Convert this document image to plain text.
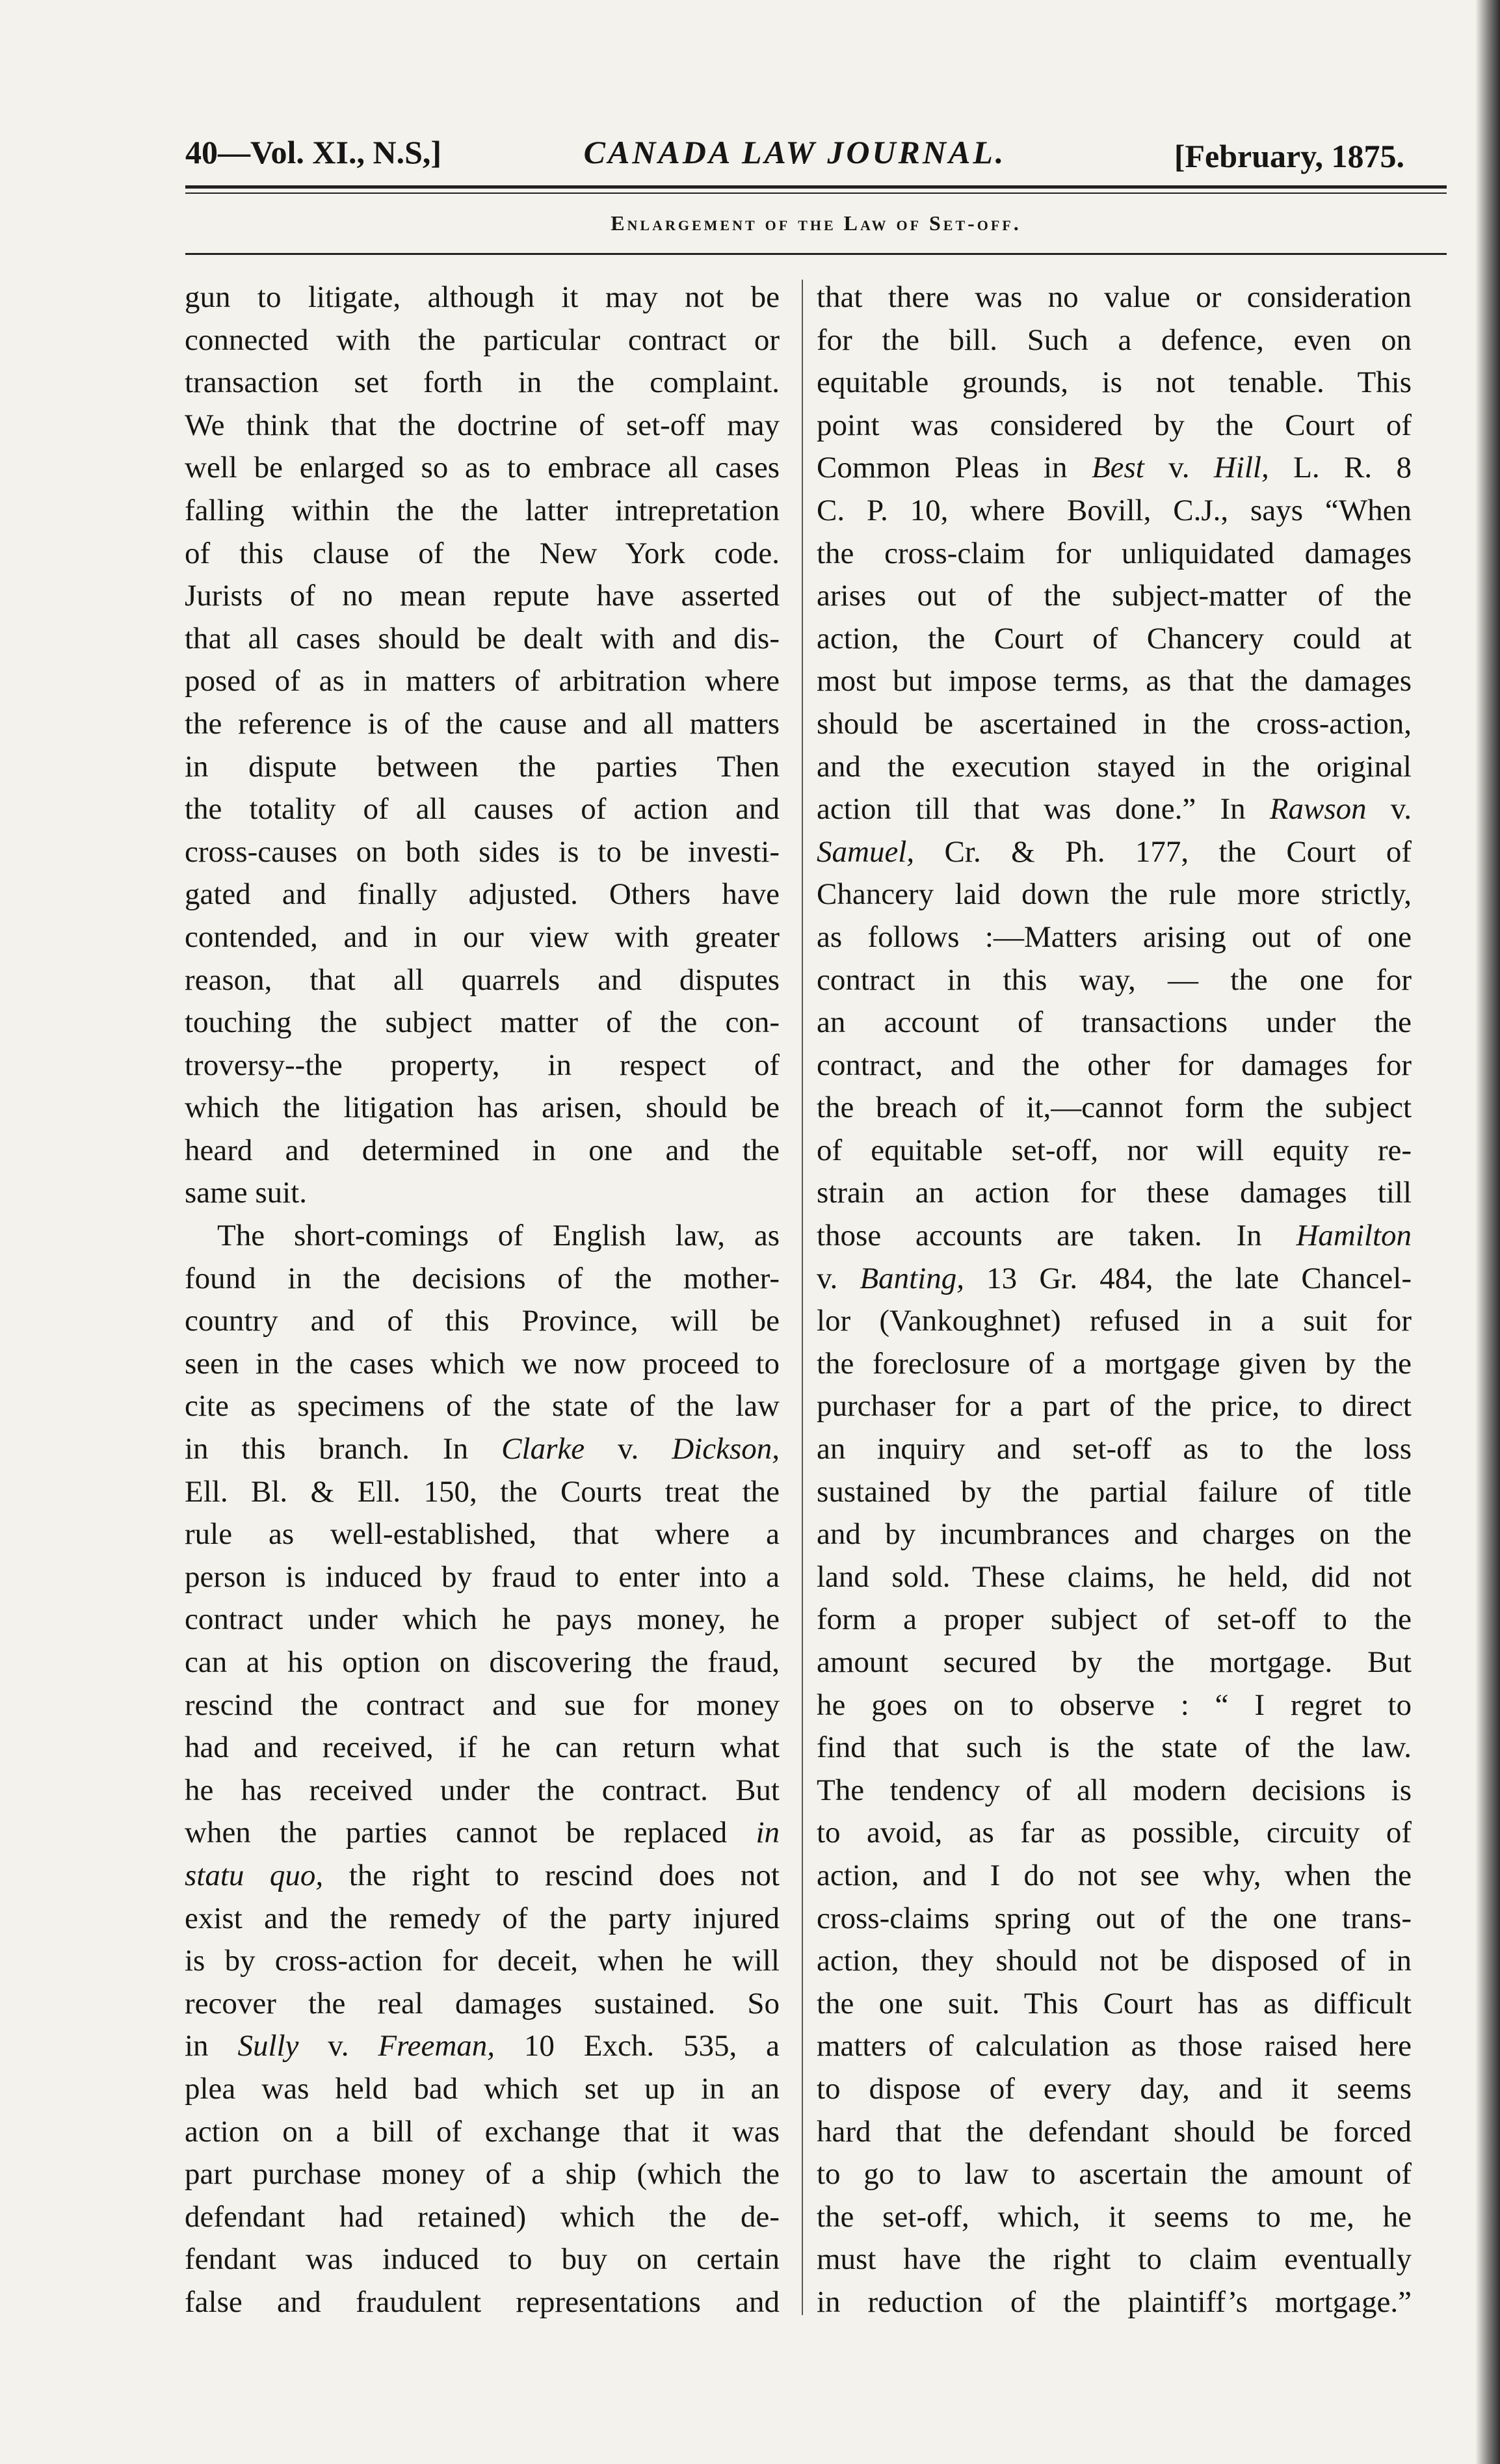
40—Vol. XI., N.S,]	CANADA LAW JOURNAL.	[February, 1875.
Enlargement of the Law of Set-off.
gun to litigate, although it may not be
connected with the particular contract or
transaction set forth in the complaint.
We think that the doctrine of set-off may
well be enlarged so as to embrace all cases
falling within the the latter intrepretation
of this clause of the New York code.
Jurists of no mean repute have asserted
that all cases should be dealt with and dis-
posed of as in matters of arbitration where
the reference is of the cause and all matters
in dispute between the parties Then
the totality of all causes of action and
cross-causes on both sides is to be investi-
gated and finally adjusted. Others have
contended, and in our view with greater
reason, that all quarrels and disputes
touching the subject matter of the con-
troversy--the property, in respect of
which the litigation has arisen, should be
heard and determined in one and the
same suit.
The short-comings of English law, as
found in the decisions of the mother-
country and of this Province, will be
seen in the cases which we now proceed to
cite as specimens of the state of the law
in this branch. In Clarke v. Dickson,
Ell. Bl. & Ell. 150, the Courts treat the
rule as well-established, that where a
person is induced by fraud to enter into a
contract under which he pays money, he
can at his option on discovering the fraud,
rescind the contract and sue for money
had and received, if he can return what
he has received under the contract. But
when the parties cannot be replaced in
statu quo, the right to rescind does not
exist and the remedy of the party injured
is by cross-action for deceit, when he will
recover the real damages sustained. So
in Sully v. Freeman, 10 Exch. 535, a
plea was held bad which set up in an
action on a bill of exchange that it was
part purchase money of a ship (which the
defendant had retained) which the de-
fendant was induced to buy on certain
false and fraudulent representations and
that there was no value or consideration
for the bill. Such a defence, even on
equitable grounds, is not tenable. This
point was considered by the Court of
Common Pleas in Best v. Hill, L. R. 8
C. P. 10, where Bovill, C.J., says “When
the cross-claim for unliquidated damages
arises out of the subject-matter of the
action, the Court of Chancery could at
most but impose terms, as that the damages
should be ascertained in the cross-action,
and the execution stayed in the original
action till that was done.” In Rawson v.
Samuel, Cr. & Ph. 177, the Court of
Chancery laid down the rule more strictly,
as follows :—Matters arising out of one
contract in this way, — the one for
an account of transactions under the
contract, and the other for damages for
the breach of it,—cannot form the subject
of equitable set-off, nor will equity re-
strain an action for these damages till
those accounts are taken. In Hamilton
v. Banting, 13 Gr. 484, the late Chancel-
lor (Vankoughnet) refused in a suit for
the foreclosure of a mortgage given by the
purchaser for a part of the price, to direct
an inquiry and set-off as to the loss
sustained by the partial failure of title
and by incumbrances and charges on the
land sold. These claims, he held, did not
form a proper subject of set-off to the
amount secured by the mortgage. But
he goes on to observe : “ I regret to
find that such is the state of the law.
The tendency of all modern decisions is
to avoid, as far as possible, circuity of
action, and I do not see why, when the
cross-claims spring out of the one trans-
action, they should not be disposed of in
the one suit. This Court has as difficult
matters of calculation as those raised here
to dispose of every day, and it seems
hard that the defendant should be forced
to go to law to ascertain the amount of
the set-off, which, it seems to me, he
must have the right to claim eventually
in reduction of the plaintiff’s mortgage.”
